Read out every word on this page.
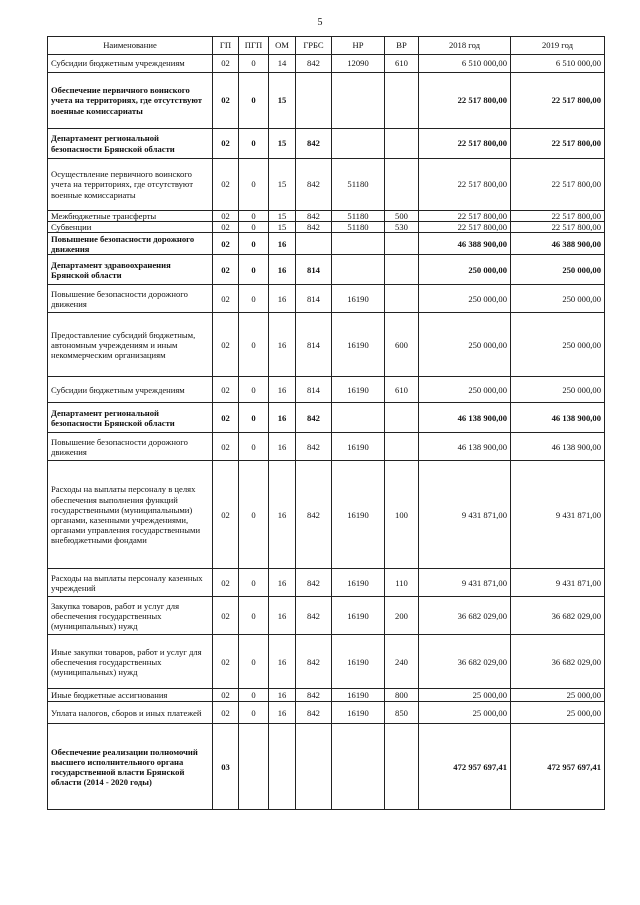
5
Наименование	ГП	ПГП	ОМ	ГРБС	НР	ВР	2018 год	2019 год
Субсидии бюджетным учреждениям	02	0	14	842	12090	610	6 510 000,00	6 510 000,00
Обеспечение первичного воинского учета на территориях, где отсутствуют военные комиссариаты	02	0	15				22 517 800,00	22 517 800,00
Департамент региональной безопасности Брянской области	02	0	15	842			22 517 800,00	22 517 800,00
Осуществление первичного воинского учета на территориях, где отсутствуют военные комиссариаты	02	0	15	842	51180		22 517 800,00	22 517 800,00
Межбюджетные трансферты	02	0	15	842	51180	500	22 517 800,00	22 517 800,00
Субвенции	02	0	15	842	51180	530	22 517 800,00	22 517 800,00
Повышение безопасности дорожного движения	02	0	16				46 388 900,00	46 388 900,00
Департамент здравоохранения Брянской области	02	0	16	814			250 000,00	250 000,00
Повышение безопасности дорожного движения	02	0	16	814	16190		250 000,00	250 000,00
Предоставление субсидий бюджетным, автономным учреждениям и иным некоммерческим организациям	02	0	16	814	16190	600	250 000,00	250 000,00
Субсидии бюджетным учреждениям	02	0	16	814	16190	610	250 000,00	250 000,00
Департамент региональной безопасности Брянской области	02	0	16	842			46 138 900,00	46 138 900,00
Повышение безопасности дорожного движения	02	0	16	842	16190		46 138 900,00	46 138 900,00
Расходы на выплаты персоналу в целях обеспечения выполнения функций государственными (муниципальными) органами, казенными учреждениями, органами управления государственными внебюджетными фондами	02	0	16	842	16190	100	9 431 871,00	9 431 871,00
Расходы на выплаты персоналу казенных учреждений	02	0	16	842	16190	110	9 431 871,00	9 431 871,00
Закупка товаров, работ и услуг для обеспечения государственных (муниципальных) нужд	02	0	16	842	16190	200	36 682 029,00	36 682 029,00
Иные закупки товаров, работ и услуг для обеспечения государственных (муниципальных) нужд	02	0	16	842	16190	240	36 682 029,00	36 682 029,00
Иные бюджетные ассигнования	02	0	16	842	16190	800	25 000,00	25 000,00
Уплата налогов, сборов и иных платежей	02	0	16	842	16190	850	25 000,00	25 000,00
Обеспечение реализации полномочий высшего исполнительного органа государственной власти Брянской области (2014 - 2020 годы)	03						472 957 697,41	472 957 697,41
